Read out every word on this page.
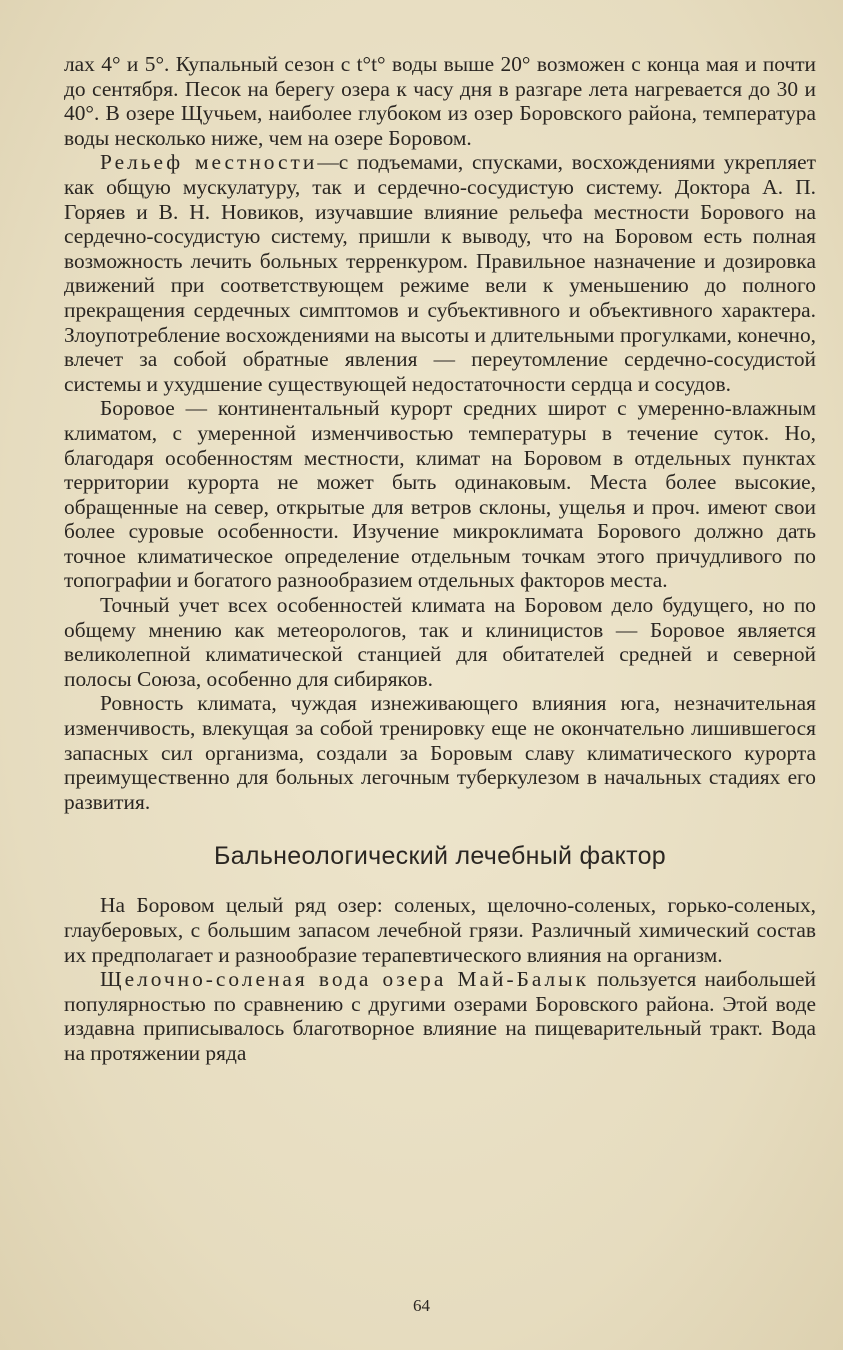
лах 4° и 5°. Купальный сезон с t°t° воды выше 20° возможен с конца мая и почти до сентября. Песок на берегу озера к часу дня в разгаре лета нагревается до 30 и 40°. В озере Щучьем, наиболее глубоком из озер Боровского района, температура воды несколько ниже, чем на озере Боровом.

Рельеф местности—с подъемами, спусками, восхождениями укрепляет как общую мускулатуру, так и сердечно-сосудистую систему. Доктора А. П. Горяев и В. Н. Новиков, изучавшие влияние рельефа местности Борового на сердечно-сосудистую систему, пришли к выводу, что на Боровом есть полная возможность лечить больных терренкуром. Правильное назначение и дозировка движений при соответствующем режиме вели к уменьшению до полного прекращения сердечных симптомов и субъективного и объективного характера. Злоупотребление восхождениями на высоты и длительными прогулками, конечно, влечет за собой обратные явления — переутомление сердечно-сосудистой системы и ухудшение существующей недостаточности сердца и сосудов.

Боровое — континентальный курорт средних широт с умеренно-влажным климатом, с умеренной изменчивостью температуры в течение суток. Но, благодаря особенностям местности, климат на Боровом в отдельных пунктах территории курорта не может быть одинаковым. Места более высокие, обращенные на север, открытые для ветров склоны, ущелья и проч. имеют свои более суровые особенности. Изучение микроклимата Борового должно дать точное климатическое определение отдельным точкам этого причудливого по топографии и богатого разнообразием отдельных факторов места.

Точный учет всех особенностей климата на Боровом дело будущего, но по общему мнению как метеорологов, так и клиницистов — Боровое является великолепной климатической станцией для обитателей средней и северной полосы Союза, особенно для сибиряков.

Ровность климата, чуждая изнеживающего влияния юга, незначительная изменчивость, влекущая за собой тренировку еще не окончательно лишившегося запасных сил организма, создали за Боровым славу климатического курорта преимущественно для больных легочным туберкулезом в начальных стадиях его развития.

Бальнеологический лечебный фактор

На Боровом целый ряд озер: соленых, щелочно-соленых, горько-соленых, глауберовых, с большим запасом лечебной грязи. Различный химический состав их предполагает и разнообразие терапевтического влияния на организм.

Щелочно-соленая вода озера Май-Балык пользуется наибольшей популярностью по сравнению с другими озерами Боровского района. Этой воде издавна приписывалось благотворное влияние на пищеварительный тракт. Вода на протяжении ряда

64
